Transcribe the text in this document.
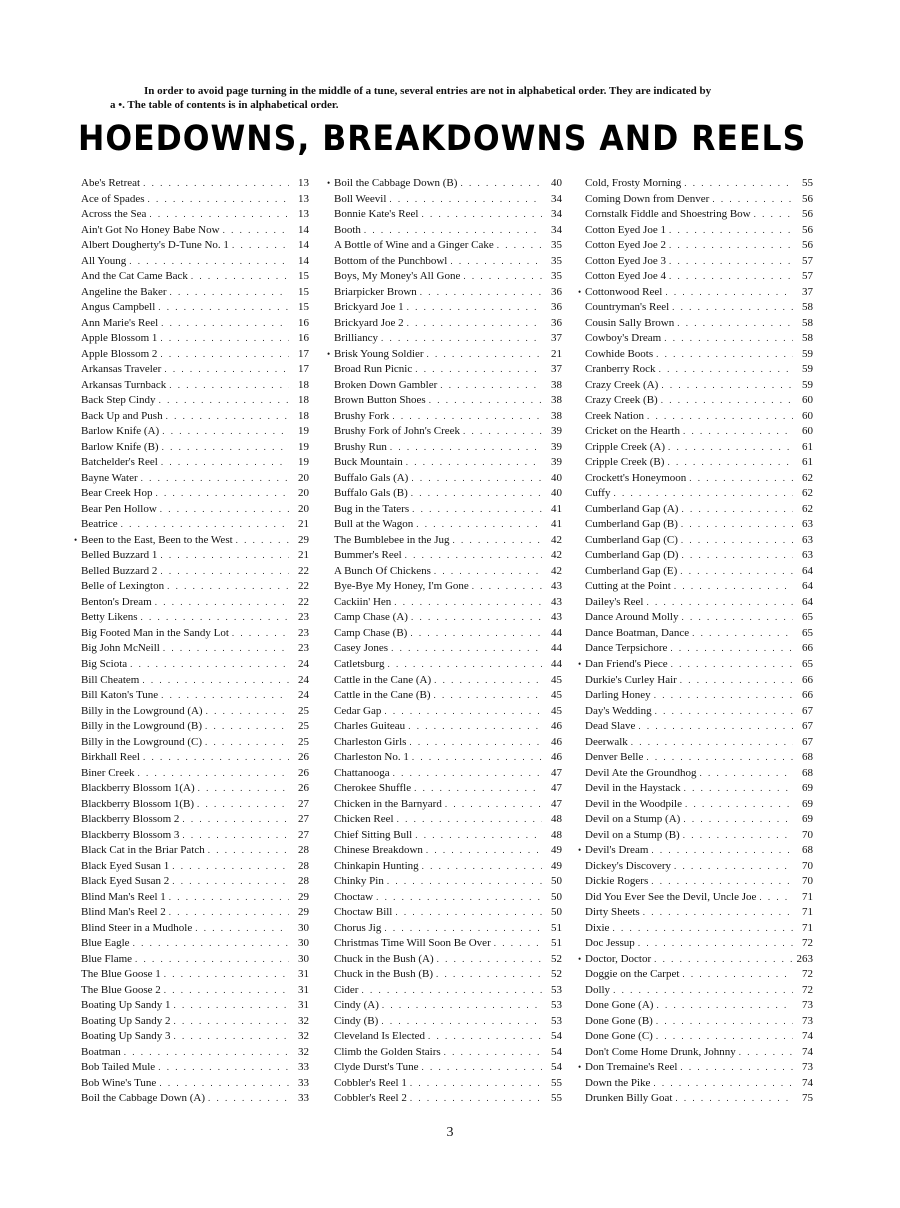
In order to avoid page turning in the middle of a tune, several entries are not in alphabetical order. They are indicated by
a •. The table of contents is in alphabetical order.
HOEDOWNS, BREAKDOWNS AND REELS
Abe's Retreat . . .	13
Ace of Spades . . .	13
Across the Sea . . .	13
Ain't Got No Honey Babe Now . . .	14
Albert Dougherty's D-Tune No. 1 . . .	14
All Young . . .	14
And the Cat Came Back . . .	15
Angeline the Baker . . .	15
Angus Campbell . . .	15
Ann Marie's Reel . . .	16
Apple Blossom 1 . . .	16
Apple Blossom 2 . . .	17
Arkansas Traveler . . .	17
Arkansas Turnback . . .	18
Back Step Cindy . . .	18
Back Up and Push . . .	18
Barlow Knife (A) . . .	19
Barlow Knife (B) . . .	19
Batchelder's Reel . . .	19
Bayne Water . . .	20
Bear Creek Hop . . .	20
Bear Pen Hollow . . .	20
Beatrice . . .	21
• Been to the East, Been to the West . . .	29
Belled Buzzard 1 . . .	21
Belled Buzzard 2 . . .	22
Belle of Lexington . . .	22
Benton's Dream . . .	22
Betty Likens . . .	23
Big Footed Man in the Sandy Lot . . .	23
Big John McNeill . . .	23
Big Sciota . . .	24
Bill Cheatem . . .	24
Bill Katon's Tune . . .	24
Billy in the Lowground (A) . . .	25
Billy in the Lowground (B) . . .	25
Billy in the Lowground (C) . . .	25
Birkhall Reel . . .	26
Biner Creek . . .	26
Blackberry Blossom 1(A) . . .	26
Blackberry Blossom 1(B) . . .	27
Blackberry Blossom 2 . . .	27
Blackberry Blossom 3 . . .	27
Black Cat in the Briar Patch . . .	28
Black Eyed Susan 1 . . .	28
Black Eyed Susan 2 . . .	28
Blind Man's Reel 1 . . .	29
Blind Man's Reel 2 . . .	29
Blind Steer in a Mudhole . . .	30
Blue Eagle . . .	30
Blue Flame . . .	30
The Blue Goose 1 . . .	31
The Blue Goose 2 . . .	31
Boating Up Sandy 1 . . .	31
Boating Up Sandy 2 . . .	32
Boating Up Sandy 3 . . .	32
Boatman . . .	32
Bob Tailed Mule . . .	33
Bob Wine's Tune . . .	33
Boil the Cabbage Down (A) . . .	33
• Boil the Cabbage Down (B) . . .	40
Boll Weevil . . .	34
Bonnie Kate's Reel . . .	34
Booth . . .	34
A Bottle of Wine and a Ginger Cake . . .	35
Bottom of the Punchbowl . . .	35
Boys, My Money's All Gone . . .	35
Briarpicker Brown . . .	36
Brickyard Joe 1 . . .	36
Brickyard Joe 2 . . .	36
Brilliancy . . .	37
• Brisk Young Soldier . . .	21
Broad Run Picnic . . .	37
Broken Down Gambler . . .	38
Brown Button Shoes . . .	38
Brushy Fork . . .	38
Brushy Fork of John's Creek . . .	39
Brushy Run . . .	39
Buck Mountain . . .	39
Buffalo Gals (A) . . .	40
Buffalo Gals (B) . . .	40
Bug in the Taters . . .	41
Bull at the Wagon . . .	41
The Bumblebee in the Jug . . .	42
Bummer's Reel . . .	42
A Bunch Of Chickens . . .	42
Bye-Bye My Honey, I'm Gone . . .	43
Cackiin' Hen . . .	43
Camp Chase (A) . . .	43
Camp Chase (B) . . .	44
Casey Jones . . .	44
Catletsburg . . .	44
Cattle in the Cane (A) . . .	45
Cattle in the Cane (B) . . .	45
Cedar Gap . . .	45
Charles Guiteau . . .	46
Charleston Girls . . .	46
Charleston No. 1 . . .	46
Chattanooga . . .	47
Cherokee Shuffle . . .	47
Chicken in the Barnyard . . .	47
Chicken Reel . . .	48
Chief Sitting Bull . . .	48
Chinese Breakdown . . .	49
Chinkapin Hunting . . .	49
Chinky Pin . . .	50
Choctaw . . .	50
Choctaw Bill . . .	50
Chorus Jig . . .	51
Christmas Time Will Soon Be Over . . .	51
Chuck in the Bush (A) . . .	52
Chuck in the Bush (B) . . .	52
Cider . . .	53
Cindy (A) . . .	53
Cindy (B) . . .	53
Cleveland Is Elected . . .	54
Climb the Golden Stairs . . .	54
Clyde Durst's Tune . . .	54
Cobbler's Reel 1 . . .	55
Cobbler's Reel 2 . . .	55
Cold, Frosty Morning . . .	55
Coming Down from Denver . . .	56
Cornstalk Fiddle and Shoestring Bow . . .	56
Cotton Eyed Joe 1 . . .	56
Cotton Eyed Joe 2 . . .	56
Cotton Eyed Joe 3 . . .	57
Cotton Eyed Joe 4 . . .	57
• Cottonwood Reel . . .	37
Countryman's Reel . . .	58
Cousin Sally Brown . . .	58
Cowboy's Dream . . .	58
Cowhide Boots . . .	59
Cranberry Rock . . .	59
Crazy Creek (A) . . .	59
Crazy Creek (B) . . .	60
Creek Nation . . .	60
Cricket on the Hearth . . .	60
Cripple Creek (A) . . .	61
Cripple Creek (B) . . .	61
Crockett's Honeymoon . . .	62
Cuffy . . .	62
Cumberland Gap (A) . . .	62
Cumberland Gap (B) . . .	63
Cumberland Gap (C) . . .	63
Cumberland Gap (D) . . .	63
Cumberland Gap (E) . . .	64
Cutting at the Point . . .	64
Dailey's Reel . . .	64
Dance Around Molly . . .	65
Dance Boatman, Dance . . .	65
Dance Terpsichore . . .	66
• Dan Friend's Piece . . .	65
Durkie's Curley Hair . . .	66
Darling Honey . . .	66
Day's Wedding . . .	67
Dead Slave . . .	67
Deerwalk . . .	67
Denver Belle . . .	68
Devil Ate the Groundhog . . .	68
Devil in the Haystack . . .	69
Devil in the Woodpile . . .	69
Devil on a Stump (A) . . .	69
Devil on a Stump (B) . . .	70
• Devil's Dream . . .	68
Dickey's Discovery . . .	70
Dickie Rogers . . .	70
Did You Ever See the Devil, Uncle Joe . . .	71
Dirty Sheets . . .	71
Dixie . . .	71
Doc Jessup . . .	72
• Doctor, Doctor . . .	263
Doggie on the Carpet . . .	72
Dolly . . .	72
Done Gone (A) . . .	73
Done Gone (B) . . .	73
Done Gone (C) . . .	74
Don't Come Home Drunk, Johnny . . .	74
• Don Tremaine's Reel . . .	73
Down the Pike . . .	74
Drunken Billy Goat . . .	75
3
